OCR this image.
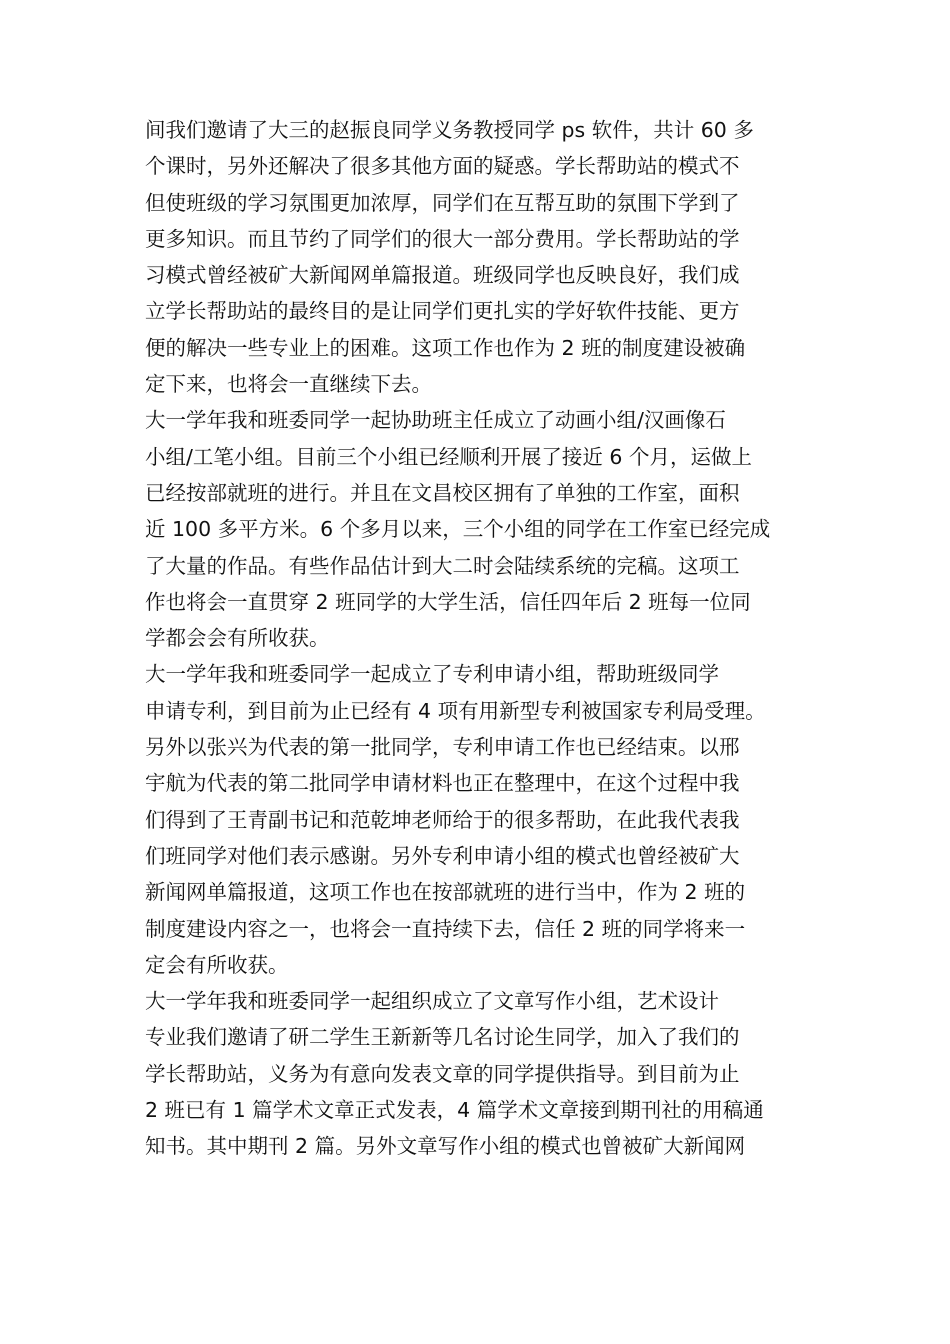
间我们邀请了大三的赵振良同学义务教授同学 ps 软件，共计 60 多
个课时，另外还解决了很多其他方面的疑惑。学长帮助站的模式不
但使班级的学习氛围更加浓厚，同学们在互帮互助的氛围下学到了
更多知识。而且节约了同学们的很大一部分费用。学长帮助站的学
习模式曾经被矿大新闻网单篇报道。班级同学也反映良好，我们成
立学长帮助站的最终目的是让同学们更扎实的学好软件技能、更方
便的解决一些专业上的困难。这项工作也作为 2 班的制度建设被确
定下来，也将会一直继续下去。
大一学年我和班委同学一起协助班主任成立了动画小组/汉画像石
小组/工笔小组。目前三个小组已经顺利开展了接近 6 个月，运做上
已经按部就班的进行。并且在文昌校区拥有了单独的工作室，面积
近 100 多平方米。6 个多月以来，三个小组的同学在工作室已经完成
了大量的作品。有些作品估计到大二时会陆续系统的完稿。这项工
作也将会一直贯穿 2 班同学的大学生活，信任四年后 2 班每一位同
学都会会有所收获。
大一学年我和班委同学一起成立了专利申请小组，帮助班级同学
申请专利，到目前为止已经有 4 项有用新型专利被国家专利局受理。
另外以张兴为代表的第一批同学，专利申请工作也已经结束。以邢
宇航为代表的第二批同学申请材料也正在整理中，在这个过程中我
们得到了王青副书记和范乾坤老师给于的很多帮助，在此我代表我
们班同学对他们表示感谢。另外专利申请小组的模式也曾经被矿大
新闻网单篇报道，这项工作也在按部就班的进行当中，作为 2 班的
制度建设内容之一，也将会一直持续下去，信任 2 班的同学将来一
定会有所收获。
大一学年我和班委同学一起组织成立了文章写作小组，艺术设计
专业我们邀请了研二学生王新新等几名讨论生同学，加入了我们的
学长帮助站，义务为有意向发表文章的同学提供指导。到目前为止
2 班已有 1 篇学术文章正式发表，4 篇学术文章接到期刊社的用稿通
知书。其中期刊 2 篇。另外文章写作小组的模式也曾被矿大新闻网
